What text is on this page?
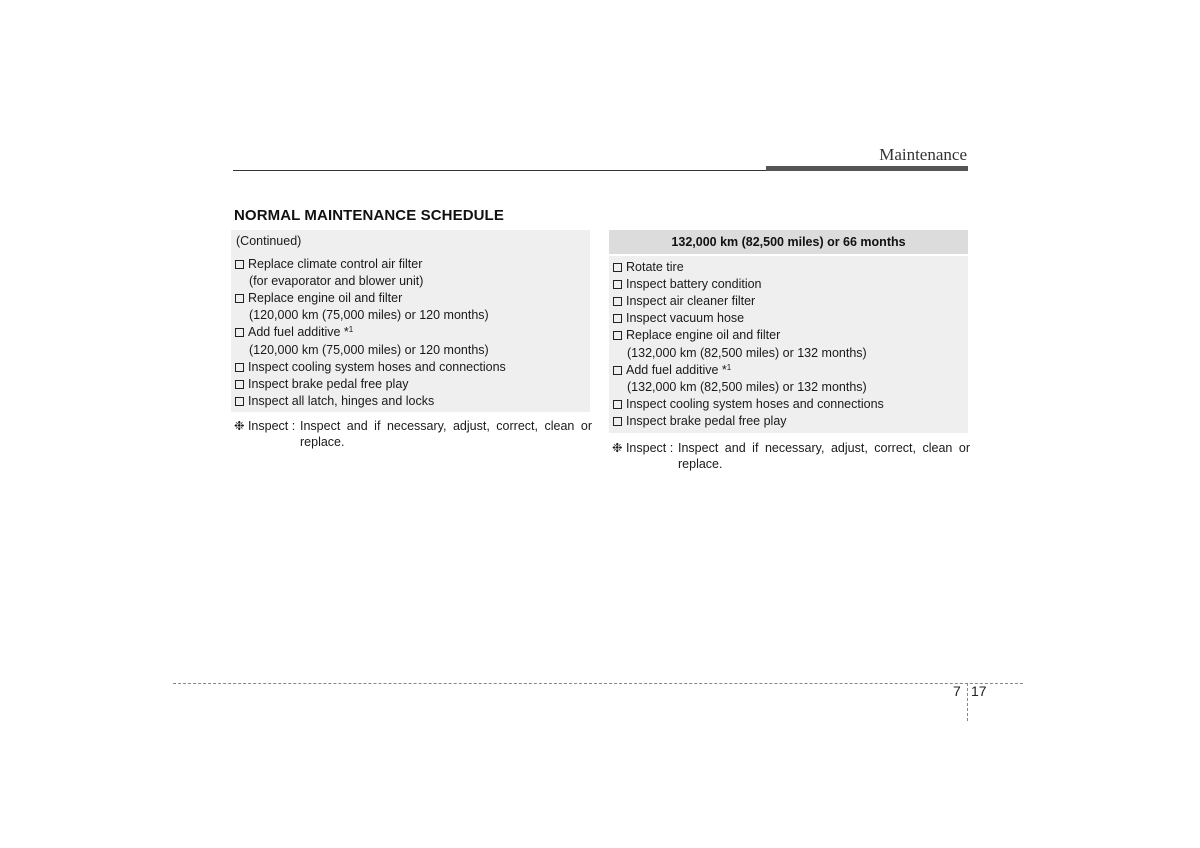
Maintenance
NORMAL MAINTENANCE SCHEDULE
(Continued)
Replace climate control air filter
(for evaporator and blower unit)
Replace engine oil and filter
(120,000 km (75,000 miles) or 120 months)
Add fuel additive *$^1$
(120,000 km (75,000 miles) or 120 months)
Inspect cooling system hoses and connections
Inspect brake pedal free play
Inspect all latch, hinges and locks
❉ Inspect : Inspect and if necessary, adjust, correct, clean or replace.
132,000 km (82,500 miles) or 66 months
Rotate tire
Inspect battery condition
Inspect air cleaner filter
Inspect vacuum hose
Replace engine oil and filter
(132,000 km (82,500 miles) or 132 months)
Add fuel additive *$^1$
(132,000 km (82,500 miles) or 132 months)
Inspect cooling system hoses and connections
Inspect brake pedal free play
❉ Inspect : Inspect and if necessary, adjust, correct, clean or replace.
7 17
